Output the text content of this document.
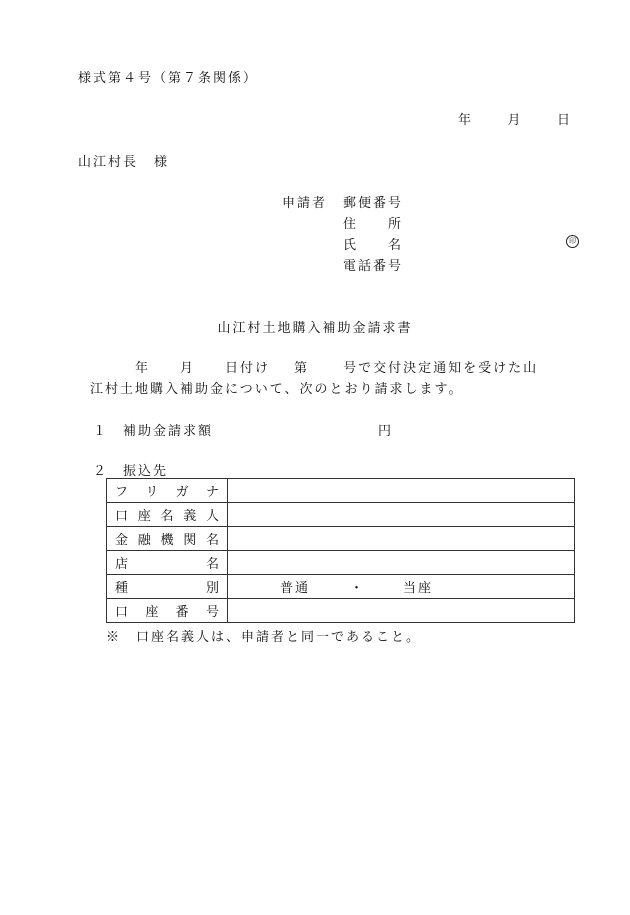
様式第４号（第７条関係）
年	月	日
山江村長 様
申請者 郵便番号
住　　所
氏　　名
電話番号
印
山江村土地購入補助金請求書
年 月 日付け 第	号で交付決定通知を受けた山
江村土地購入補助金について、次のとおり請求します。
１　補助金請求額	円
２　振込先
フ リ ガ ナ	

口 座 名 義 人	

金 融 機 関 名	

店 名	

種 別	普通 ・ 当座

口 座 番 号	

※　口座名義人は、申請者と同一であること。
